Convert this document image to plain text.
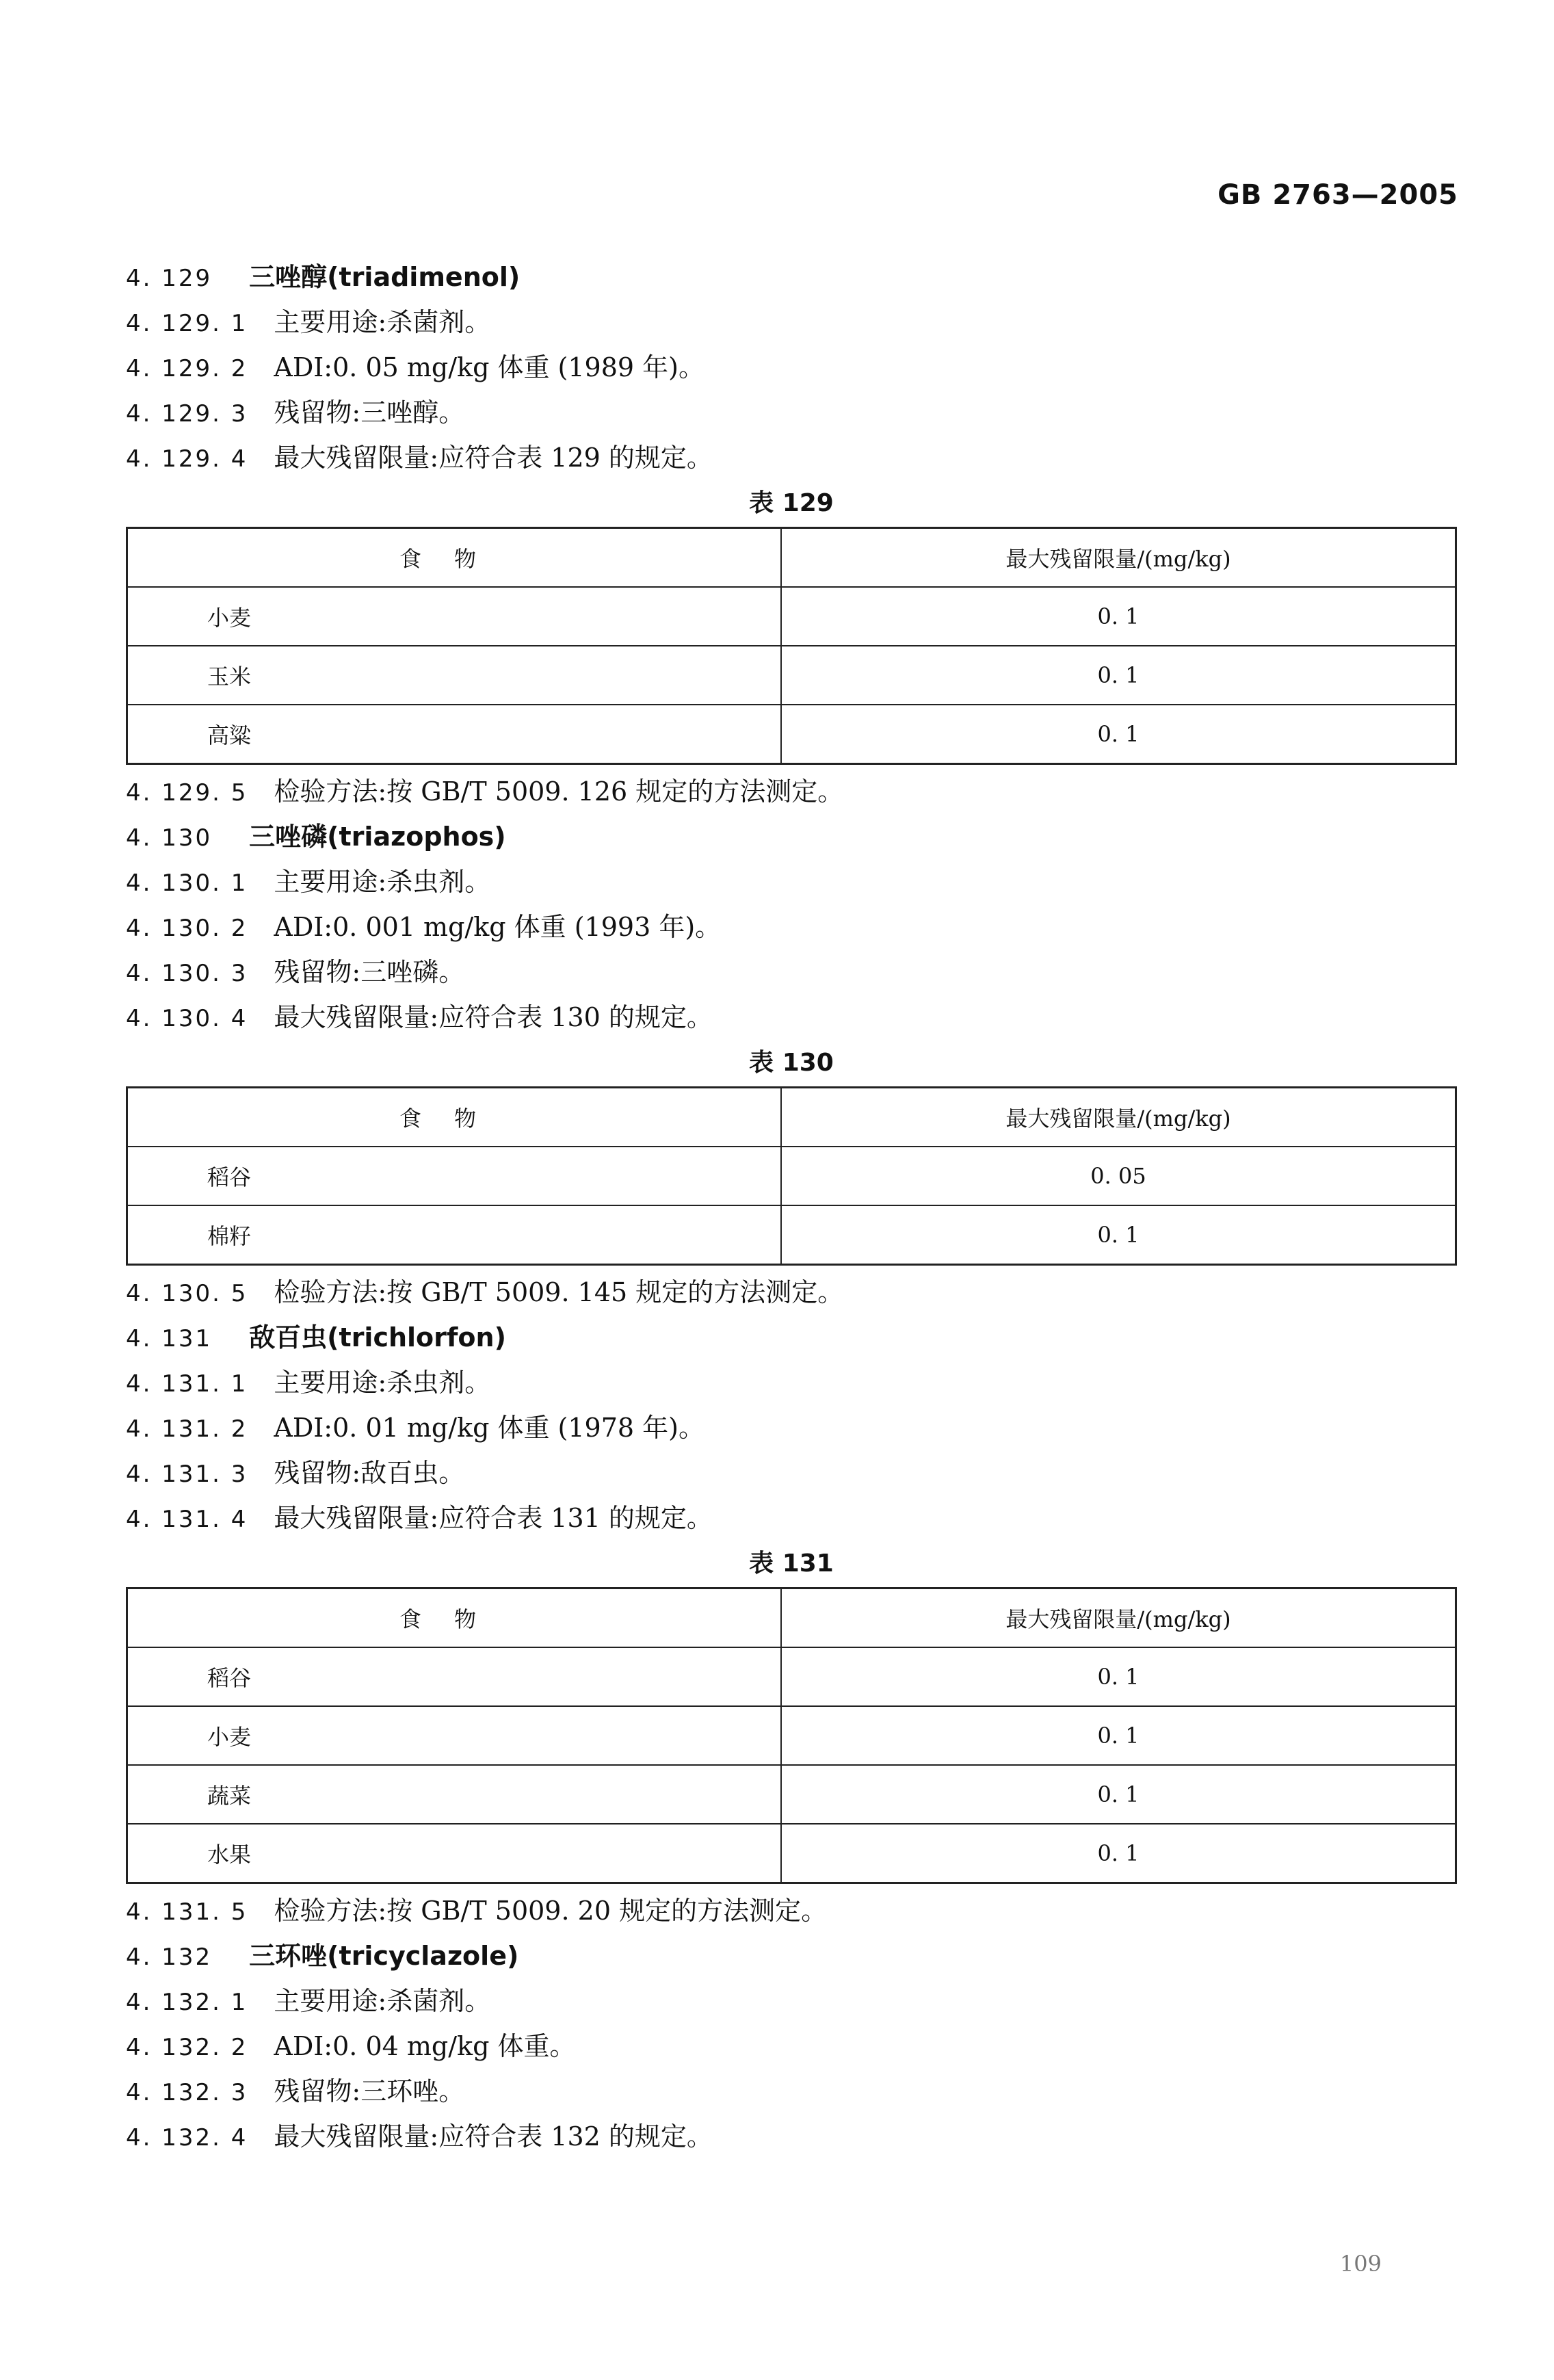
GB 2763—2005
4. 129 三唑醇(triadimenol)
4. 129. 1 主要用途:杀菌剂。
4. 129. 2 ADI:0. 05 mg/kg 体重 (1989 年)。
4. 129. 3 残留物:三唑醇。
4. 129. 4 最大残留限量:应符合表 129 的规定。
表 129
食物	最大残留限量/(mg/kg)
小麦	0. 1
玉米	0. 1
高粱	0. 1
4. 129. 5 检验方法:按 GB/T 5009. 126 规定的方法测定。
4. 130 三唑磷(triazophos)
4. 130. 1 主要用途:杀虫剂。
4. 130. 2 ADI:0. 001 mg/kg 体重 (1993 年)。
4. 130. 3 残留物:三唑磷。
4. 130. 4 最大残留限量:应符合表 130 的规定。
表 130
食物	最大残留限量/(mg/kg)
稻谷	0. 05
棉籽	0. 1
4. 130. 5 检验方法:按 GB/T 5009. 145 规定的方法测定。
4. 131 敌百虫(trichlorfon)
4. 131. 1 主要用途:杀虫剂。
4. 131. 2 ADI:0. 01 mg/kg 体重 (1978 年)。
4. 131. 3 残留物:敌百虫。
4. 131. 4 最大残留限量:应符合表 131 的规定。
表 131
食物	最大残留限量/(mg/kg)
稻谷	0. 1
小麦	0. 1
蔬菜	0. 1
水果	0. 1
4. 131. 5 检验方法:按 GB/T 5009. 20 规定的方法测定。
4. 132 三环唑(tricyclazole)
4. 132. 1 主要用途:杀菌剂。
4. 132. 2 ADI:0. 04 mg/kg 体重。
4. 132. 3 残留物:三环唑。
4. 132. 4 最大残留限量:应符合表 132 的规定。
109
